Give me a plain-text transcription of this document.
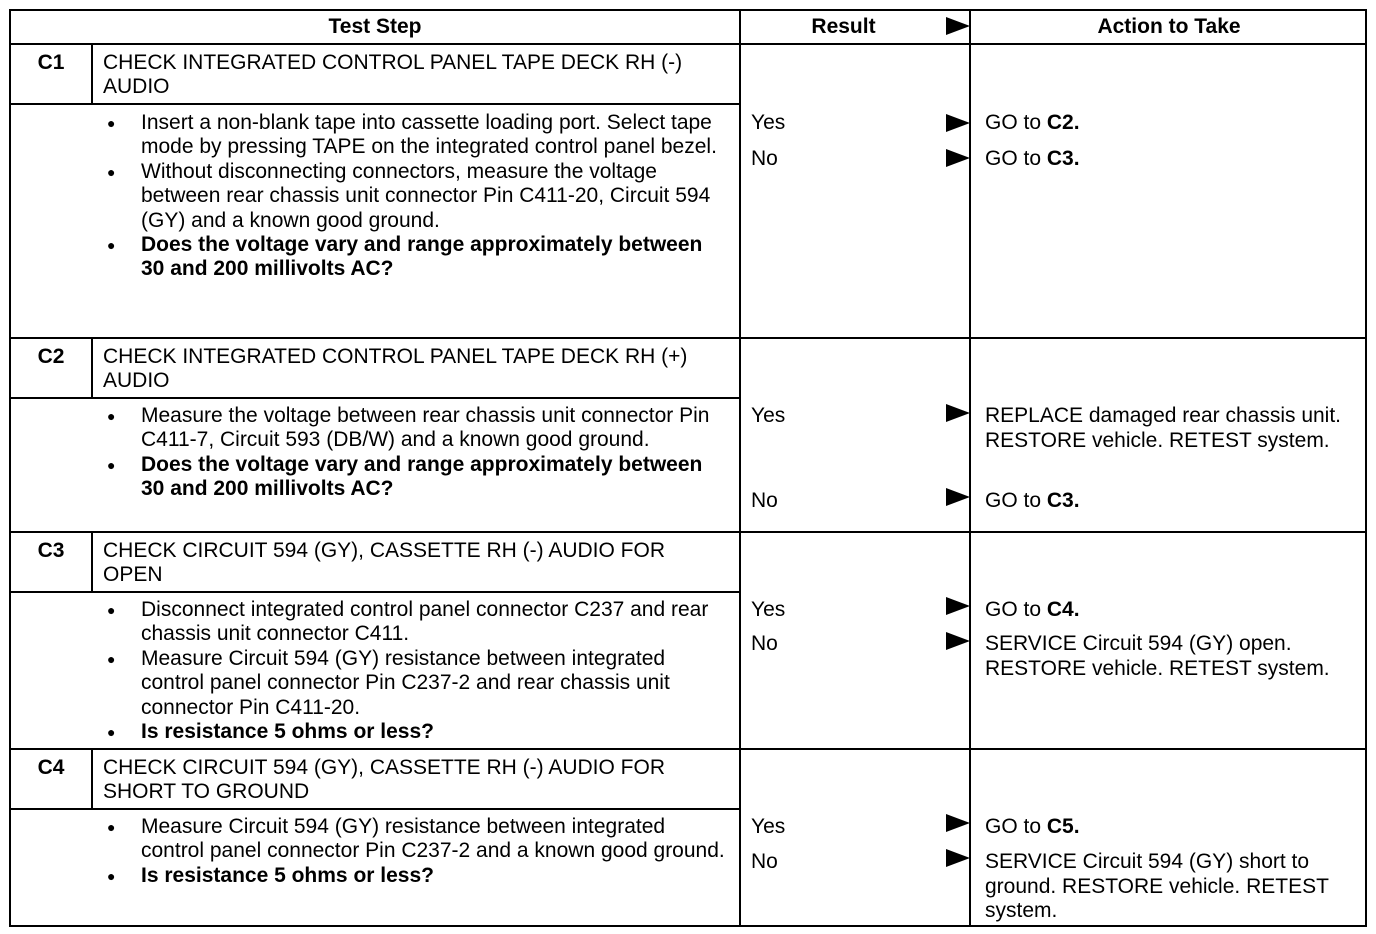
Test Step	Result	Action to Take
C1	CHECK INTEGRATED CONTROL PANEL TAPE DECK RH (-) AUDIO
● Insert a non-blank tape into cassette loading port. Select tape mode by pressing TAPE on the integrated control panel bezel.
● Without disconnecting connectors, measure the voltage between rear chassis unit connector Pin C411-20, Circuit 594 (GY) and a known good ground.
● Does the voltage vary and range approximately between 30 and 200 millivolts AC?
Yes	GO to C2.
No	GO to C3.
C2	CHECK INTEGRATED CONTROL PANEL TAPE DECK RH (+) AUDIO
● Measure the voltage between rear chassis unit connector Pin C411-7, Circuit 593 (DB/W) and a known good ground.
● Does the voltage vary and range approximately between 30 and 200 millivolts AC?
Yes	REPLACE damaged rear chassis unit. RESTORE vehicle. RETEST system.
No	GO to C3.
C3	CHECK CIRCUIT 594 (GY), CASSETTE RH (-) AUDIO FOR OPEN
● Disconnect integrated control panel connector C237 and rear chassis unit connector C411.
● Measure Circuit 594 (GY) resistance between integrated control panel connector Pin C237-2 and rear chassis unit connector Pin C411-20.
● Is resistance 5 ohms or less?
Yes	GO to C4.
No	SERVICE Circuit 594 (GY) open. RESTORE vehicle. RETEST system.
C4	CHECK CIRCUIT 594 (GY), CASSETTE RH (-) AUDIO FOR SHORT TO GROUND
● Measure Circuit 594 (GY) resistance between integrated control panel connector Pin C237-2 and a known good ground.
● Is resistance 5 ohms or less?
Yes	GO to C5.
No	SERVICE Circuit 594 (GY) short to ground. RESTORE vehicle. RETEST system.
